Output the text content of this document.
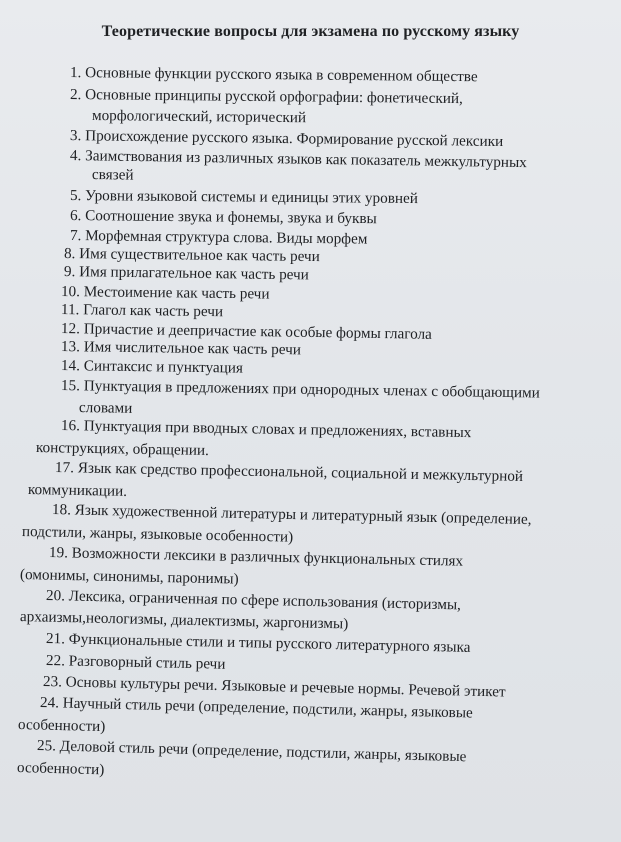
Теоретические вопросы для экзамена по русскому языку
1. Основные функции русского языка в современном обществе
2. Основные принципы русской орфографии: фонетический,
морфологический, исторический
3. Происхождение русского языка. Формирование русской лексики
4. Заимствования из различных языков как показатель межкультурных
связей
5. Уровни языковой системы и единицы этих уровней
6. Соотношение звука и фонемы, звука и буквы
7. Морфемная структура слова. Виды морфем
8. Имя существительное как часть речи
9. Имя прилагательное как часть речи
10. Местоимение как часть речи
11. Глагол как часть речи
12. Причастие и деепричастие как особые формы глагола
13. Имя числительное как часть речи
14. Синтаксис и пунктуация
15. Пунктуация в предложениях при однородных членах с обобщающими
словами
16. Пунктуация при вводных словах и предложениях, вставных
конструкциях, обращении.
17. Язык как средство профессиональной, социальной и межкультурной
коммуникации.
18. Язык художественной литературы и литературный язык (определение,
подстили, жанры, языковые особенности)
19. Возможности лексики в различных функциональных стилях
(омонимы, синонимы, паронимы)
20. Лексика, ограниченная по сфере использования (историзмы,
архаизмы,неологизмы, диалектизмы, жаргонизмы)
21. Функциональные стили и типы русского литературного языка
22. Разговорный стиль речи
23. Основы культуры речи. Языковые и речевые нормы. Речевой этикет
24. Научный стиль речи (определение, подстили, жанры, языковые
особенности)
25. Деловой стиль речи (определение, подстили, жанры, языковые
особенности)
